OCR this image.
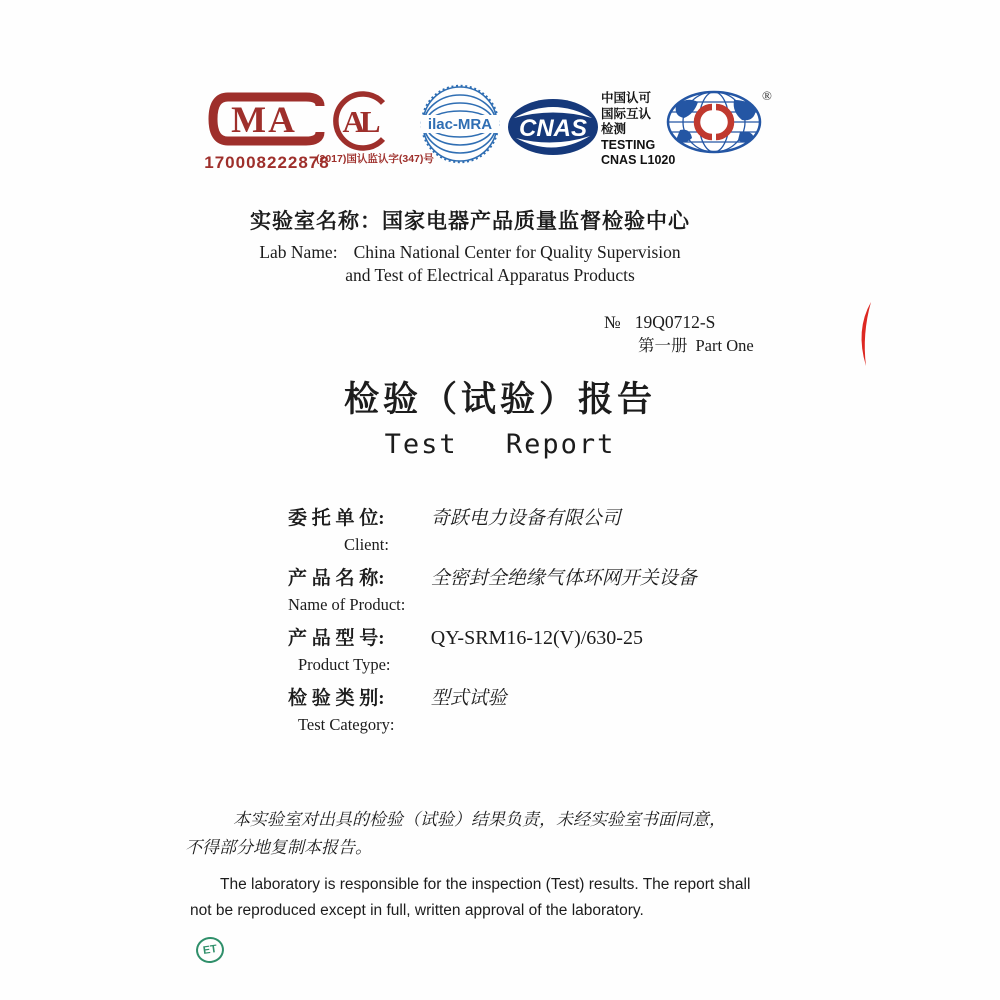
MA
170008222878
AL
(2017)国认监认字(347)号
ilac-MRA CNAS
中国认可
国际互认
检测
TESTING
CNAS L1020
®
实验室名称：国家电器产品质量监督检验中心
Lab Name: China National Center for Quality Supervision
and Test of Electrical Apparatus Products
№ 19Q0712-S
第一册 Part One
检验（试验）报告
Test Report
委 托 单 位: 奇跃电力设备有限公司
Client:
产 品 名 称: 全密封全绝缘气体环网开关设备
Name of Product:
产 品 型 号: QY-SRM16-12(V)/630-25
Product Type:
检 验 类 别: 型式试验
Test Category:
本实验室对出具的检验（试验）结果负责，未经实验室书面同意，
不得部分地复制本报告。
The laboratory is responsible for the inspection (Test) results. The report shall
not be reproduced except in full, written approval of the laboratory.
ET
